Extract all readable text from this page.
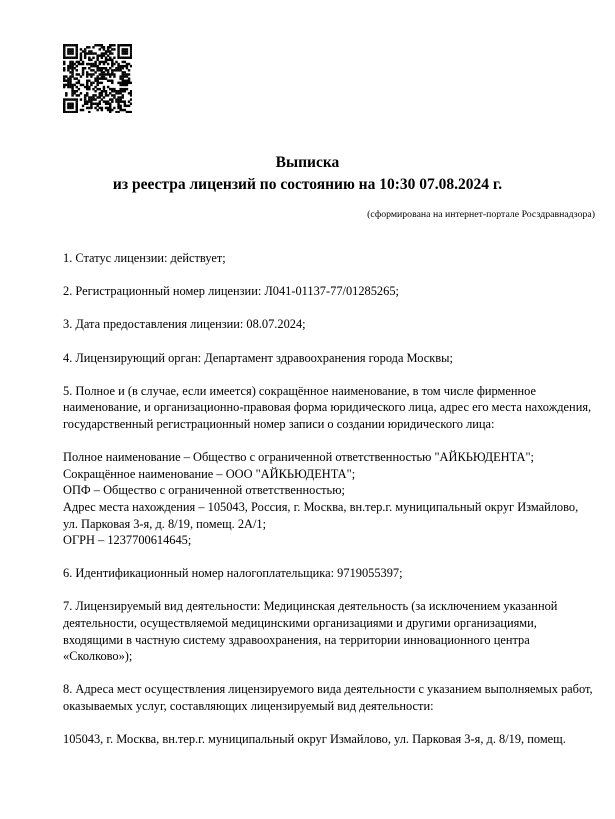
Выписка
из реестра лицензий по состоянию на 10:30 07.08.2024 г.
(сформирована на интернет-портале Росздравнадзора)

1. Статус лицензии: действует;

2. Регистрационный номер лицензии: Л041-01137-77/01285265;

3. Дата предоставления лицензии: 08.07.2024;

4. Лицензирующий орган: Департамент здравоохранения города Москвы;

5. Полное и (в случае, если имеется) сокращённое наименование, в том числе фирменное наименование, и организационно-правовая форма юридического лица, адрес его места нахождения, государственный регистрационный номер записи о создании юридического лица:

Полное наименование – Общество с ограниченной ответственностью "АЙКЬЮДЕНТА";
Сокращённое наименование – ООО "АЙКЬЮДЕНТА";
ОПФ – Общество с ограниченной ответственностью;
Адрес места нахождения – 105043, Россия, г. Москва, вн.тер.г. муниципальный округ Измайлово, ул. Парковая 3-я, д. 8/19, помещ. 2А/1;
ОГРН – 1237700614645;

6. Идентификационный номер налогоплательщика: 9719055397;

7. Лицензируемый вид деятельности: Медицинская деятельность (за исключением указанной деятельности, осуществляемой медицинскими организациями и другими организациями, входящими в частную систему здравоохранения, на территории инновационного центра «Сколково»);

8. Адреса мест осуществления лицензируемого вида деятельности с указанием выполняемых работ, оказываемых услуг, составляющих лицензируемый вид деятельности:

105043, г. Москва, вн.тер.г. муниципальный округ Измайлово, ул. Парковая 3-я, д. 8/19, помещ.
